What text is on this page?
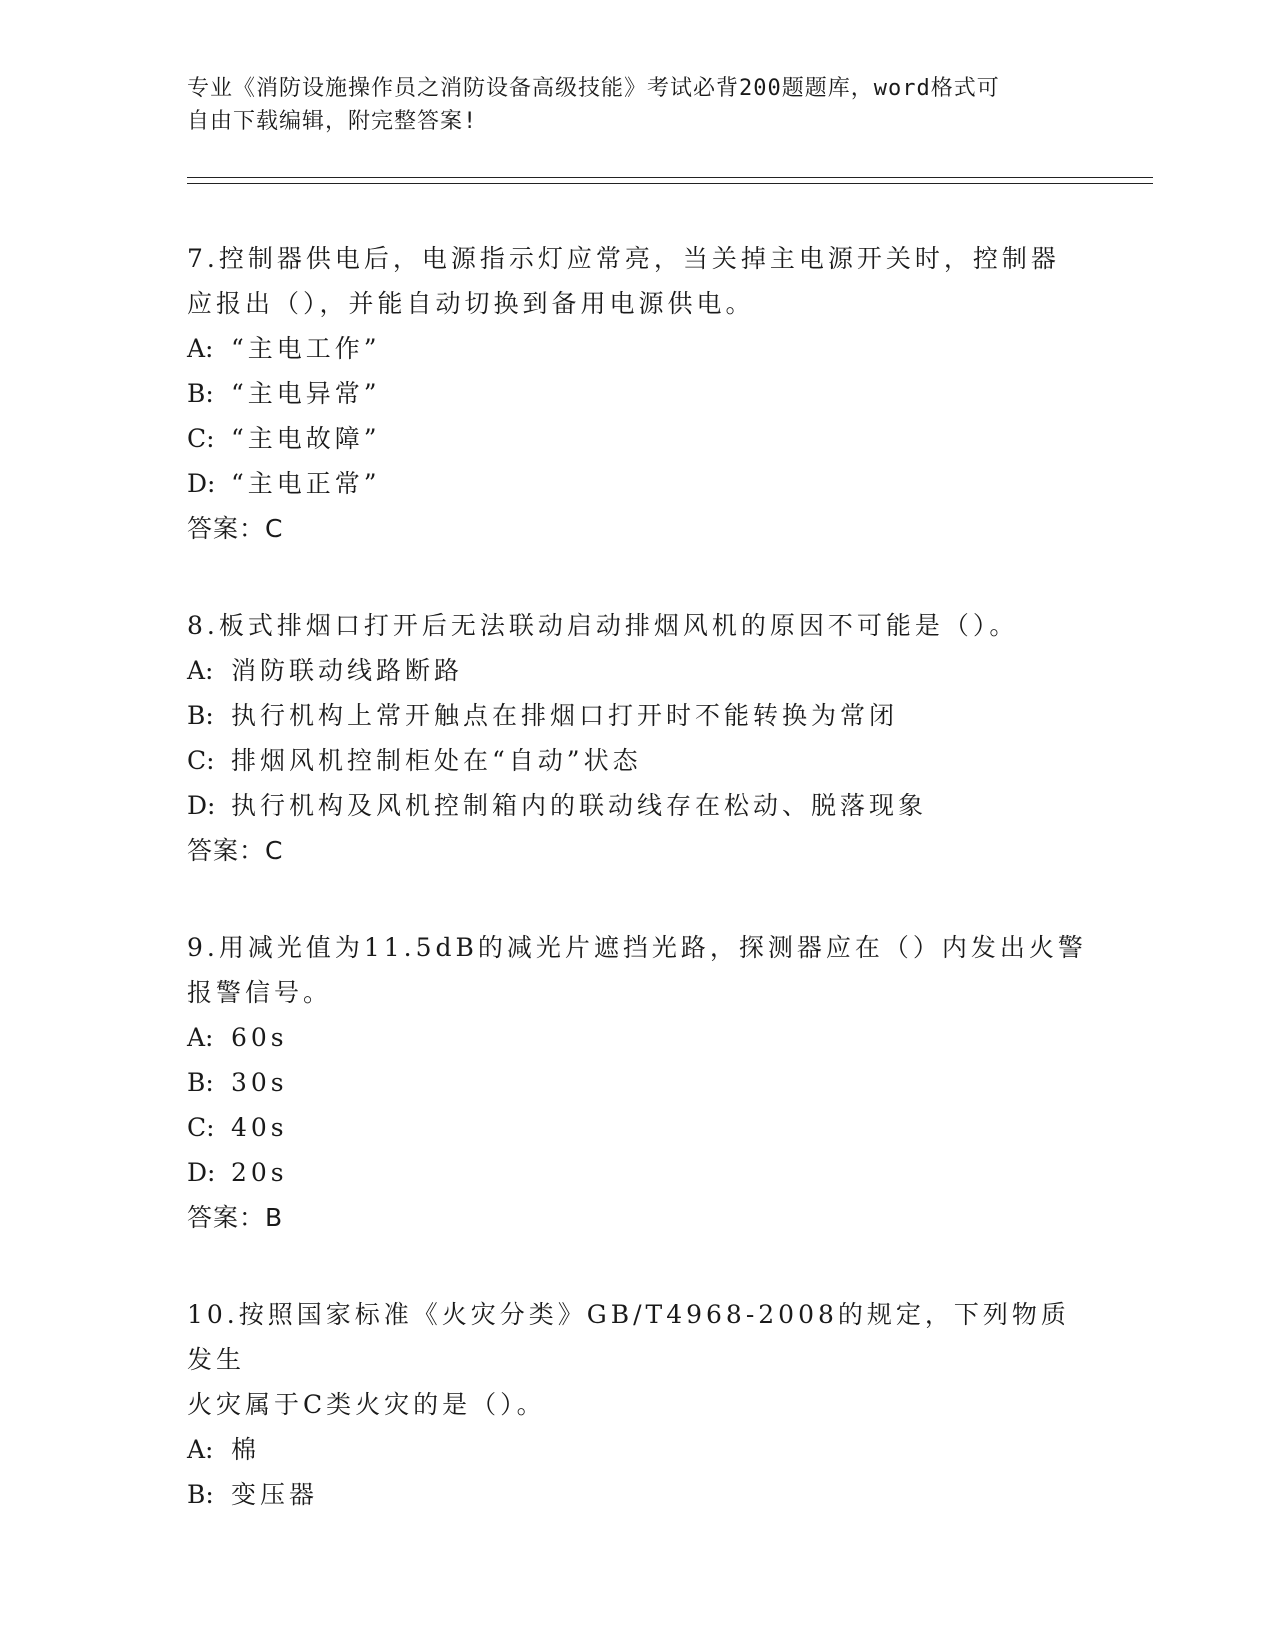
专业《消防设施操作员之消防设备高级技能》考试必背200题题库，word格式可
自由下载编辑，附完整答案!

7.控制器供电后，电源指示灯应常亮，当关掉主电源开关时，控制器

应报出（），并能自动切换到备用电源供电。

A: “主电工作”

B: “主电异常”

C: “主电故障”

D: “主电正常”

答案：C

8.板式排烟口打开后无法联动启动排烟风机的原因不可能是（）。

A: 消防联动线路断路

B: 执行机构上常开触点在排烟口打开时不能转换为常闭

C: 排烟风机控制柜处在“自动”状态

D: 执行机构及风机控制箱内的联动线存在松动、脱落现象

答案：C

9.用减光值为11.5dB的减光片遮挡光路，探测器应在（）内发出火警

报警信号。

A: 60s

B: 30s

C: 40s

D: 20s

答案：B

10.按照国家标准《火灾分类》GB/T4968-2008的规定，下列物质发生

火灾属于C类火灾的是（）。

A: 棉

B: 变压器
